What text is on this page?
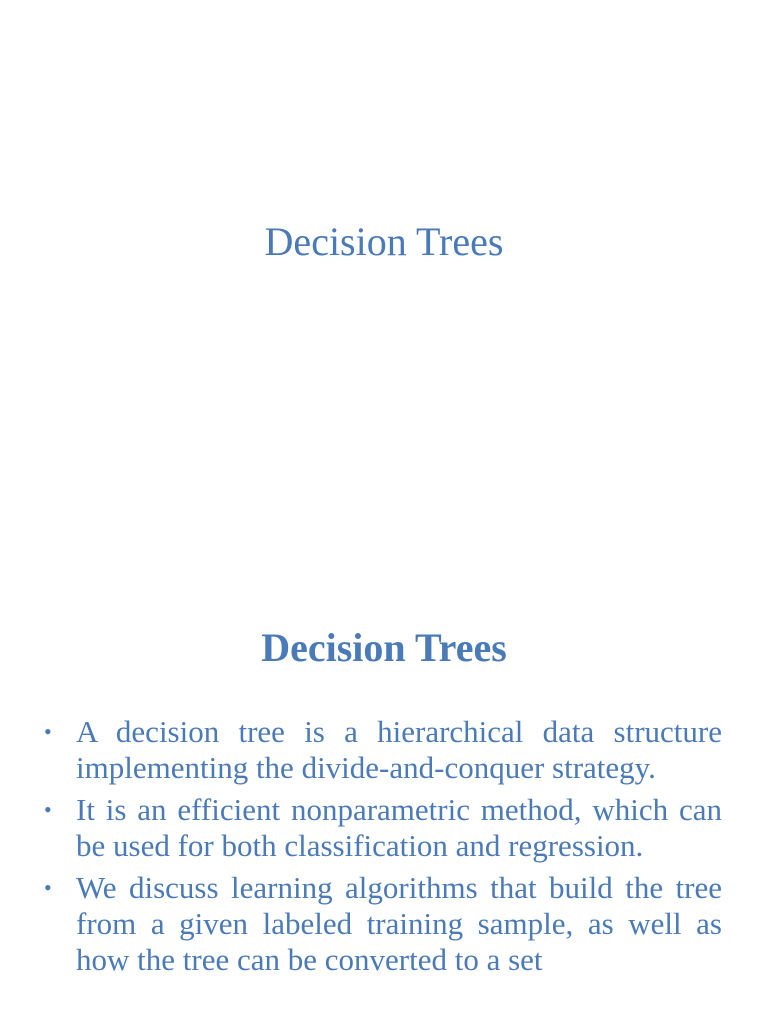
Decision Trees
Decision Trees
• A decision tree is a hierarchical data structure implementing the divide-and-conquer strategy.
• It is an efficient nonparametric method, which can be used for both classification and regression.
• We discuss learning algorithms that build the tree from a given labeled training sample, as well as how the tree can be converted to a set
